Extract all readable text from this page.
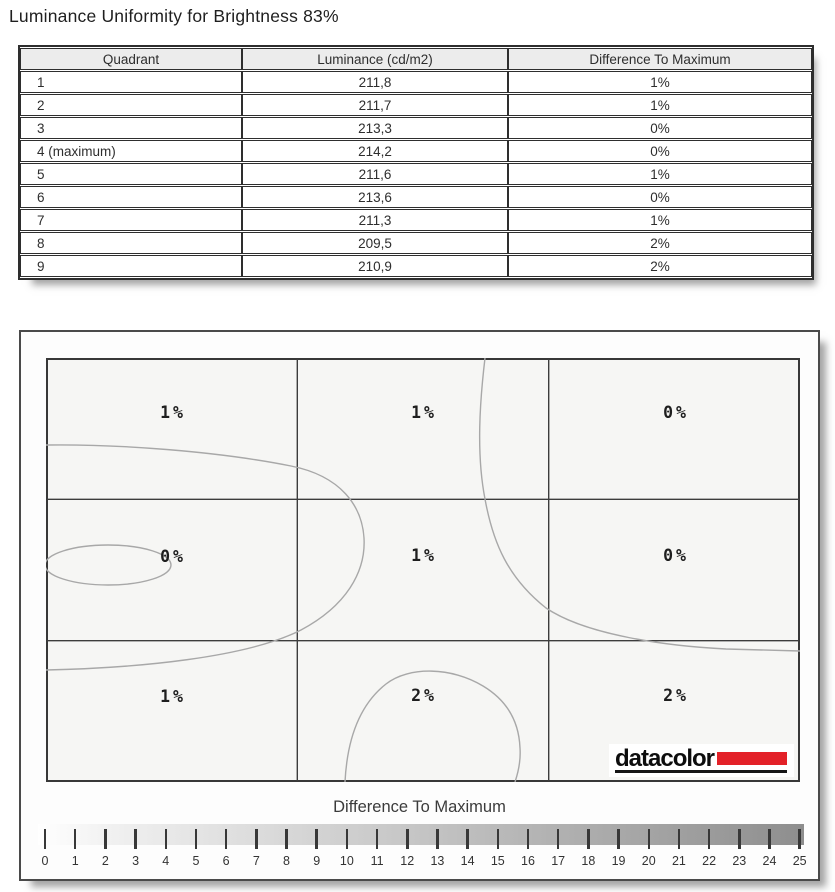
Luminance Uniformity for Brightness 83%
Quadrant	Luminance (cd/m2)	Difference To Maximum
1	211,8	1%
2	211,7	1%
3	213,3	0%
4 (maximum)	214,2	0%
5	211,6	1%
6	213,6	0%
7	211,3	1%
8	209,5	2%
9	210,9	2%
1%	1%	0%
0%	1%	0%
1%	2%	2%
datacolor
Difference To Maximum
0 1 2 3 4 5 6 7 8 9 10 11 12 13 14 15 16 17 18 19 20 21 22 23 24 25
